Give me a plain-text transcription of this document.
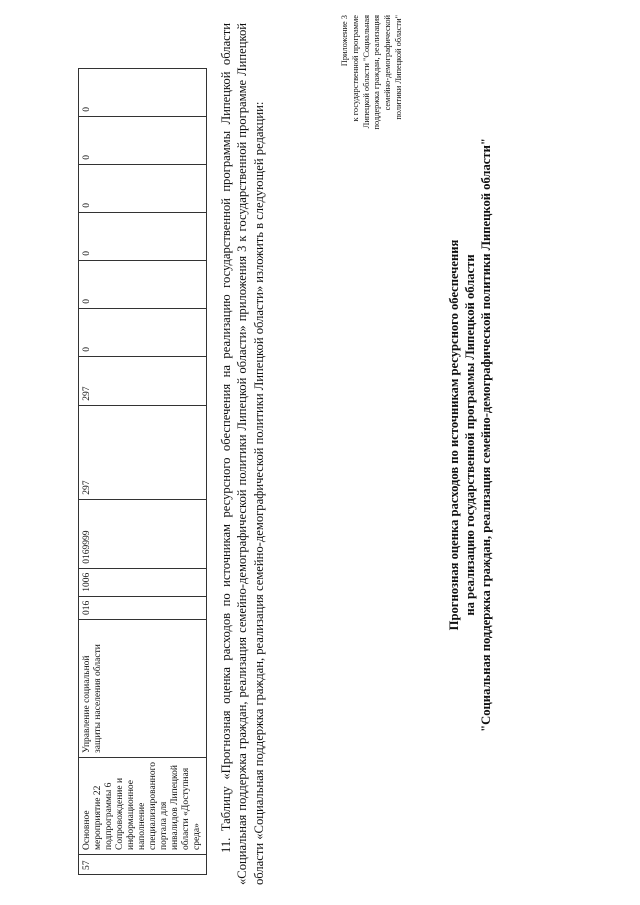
57	Основное мероприятие 22 подпрограммы 6 Сопровождение и информационное наполнение специализированного портала для инвалидов Липецкой области «Доступная среда»	Управление социальной защиты населения области	016	1006	0169999	297	297	0	0	0	0	0	0	11. Таблицу «Прогнозная оценка расходов по источникам ресурсного обеспечения на реализацию государственной программы Липецкой области «Социальная поддержка граждан, реализация семейно-демографической политики Липецкой области» приложения 3 к государственной программе Липецкой области «Социальная поддержка граждан, реализация семейно-демографической политики Липецкой области» изложить в следующей редакции:
Приложение 3 к государственной программе Липецкой области "Социальная поддержка граждан, реализация семейно-демографической политики Липецкой области"
Прогнозная оценка расходов по источникам ресурсного обеспечения на реализацию государственной программы Липецкой области "Социальная поддержка граждан, реализация семейно-демографической политики Липецкой области"
